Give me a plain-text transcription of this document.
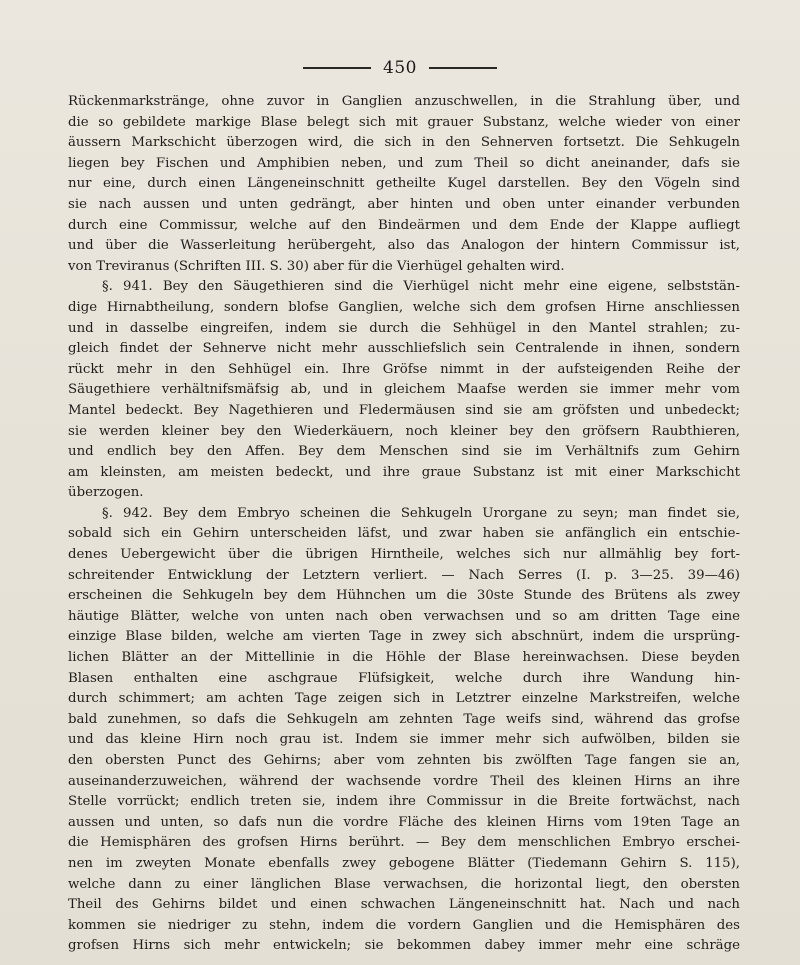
450
Rückenmarkstränge, ohne zuvor in Ganglien anzuschwellen, in die Strahlung über, und
die so gebildete markige Blase belegt sich mit grauer Substanz, welche wieder von einer
äussern Markschicht überzogen wird, die sich in den Sehnerven fortsetzt. Die Sehkugeln
liegen bey Fischen und Amphibien neben, und zum Theil so dicht aneinander, dafs sie
nur eine, durch einen Längeneinschnitt getheilte Kugel darstellen. Bey den Vögeln sind
sie nach aussen und unten gedrängt, aber hinten und oben unter einander verbunden
durch eine Commissur, welche auf den Bindeärmen und dem Ende der Klappe aufliegt
und über die Wasserleitung herübergeht, also das Analogon der hintern Commissur ist,
von Treviranus (Schriften III. S. 30) aber für die Vierhügel gehalten wird.
§. 941. Bey den Säugethieren sind die Vierhügel nicht mehr eine eigene, selbststän-
dige Hirnabtheilung, sondern blofse Ganglien, welche sich dem grofsen Hirne anschliessen
und in dasselbe eingreifen, indem sie durch die Sehhügel in den Mantel strahlen; zu-
gleich findet der Sehnerve nicht mehr ausschliefslich sein Centralende in ihnen, sondern
rückt mehr in den Sehhügel ein. Ihre Gröfse nimmt in der aufsteigenden Reihe der
Säugethiere verhältnifsmäfsig ab, und in gleichem Maafse werden sie immer mehr vom
Mantel bedeckt. Bey Nagethieren und Fledermäusen sind sie am gröfsten und unbedeckt;
sie werden kleiner bey den Wiederkäuern, noch kleiner bey den gröfsern Raubthieren,
und endlich bey den Affen. Bey dem Menschen sind sie im Verhältnifs zum Gehirn
am kleinsten, am meisten bedeckt, und ihre graue Substanz ist mit einer Markschicht
überzogen.
§. 942. Bey dem Embryo scheinen die Sehkugeln Urorgane zu seyn; man findet sie,
sobald sich ein Gehirn unterscheiden läfst, und zwar haben sie anfänglich ein entschie-
denes Uebergewicht über die übrigen Hirntheile, welches sich nur allmählig bey fort-
schreitender Entwicklung der Letztern verliert. — Nach Serres (I. p. 3—25. 39—46)
erscheinen die Sehkugeln bey dem Hühnchen um die 30ste Stunde des Brütens als zwey
häutige Blätter, welche von unten nach oben verwachsen und so am dritten Tage eine
einzige Blase bilden, welche am vierten Tage in zwey sich abschnürt, indem die ursprüng-
lichen Blätter an der Mittellinie in die Höhle der Blase hereinwachsen. Diese beyden
Blasen enthalten eine aschgraue Flüfsigkeit, welche durch ihre Wandung hin-
durch schimmert; am achten Tage zeigen sich in Letztrer einzelne Markstreifen, welche
bald zunehmen, so dafs die Sehkugeln am zehnten Tage weifs sind, während das grofse
und das kleine Hirn noch grau ist. Indem sie immer mehr sich aufwölben, bilden sie
den obersten Punct des Gehirns; aber vom zehnten bis zwölften Tage fangen sie an,
auseinanderzuweichen, während der wachsende vordre Theil des kleinen Hirns an ihre
Stelle vorrückt; endlich treten sie, indem ihre Commissur in die Breite fortwächst, nach
aussen und unten, so dafs nun die vordre Fläche des kleinen Hirns vom 19ten Tage an
die Hemisphären des grofsen Hirns berührt. — Bey dem menschlichen Embryo erschei-
nen im zweyten Monate ebenfalls zwey gebogene Blätter (Tiedemann Gehirn S. 115),
welche dann zu einer länglichen Blase verwachsen, die horizontal liegt, den obersten
Theil des Gehirns bildet und einen schwachen Längeneinschnitt hat. Nach und nach
kommen sie niedriger zu stehn, indem die vordern Ganglien und die Hemisphären des
grofsen Hirns sich mehr entwickeln; sie bekommen dabey immer mehr eine schräge
